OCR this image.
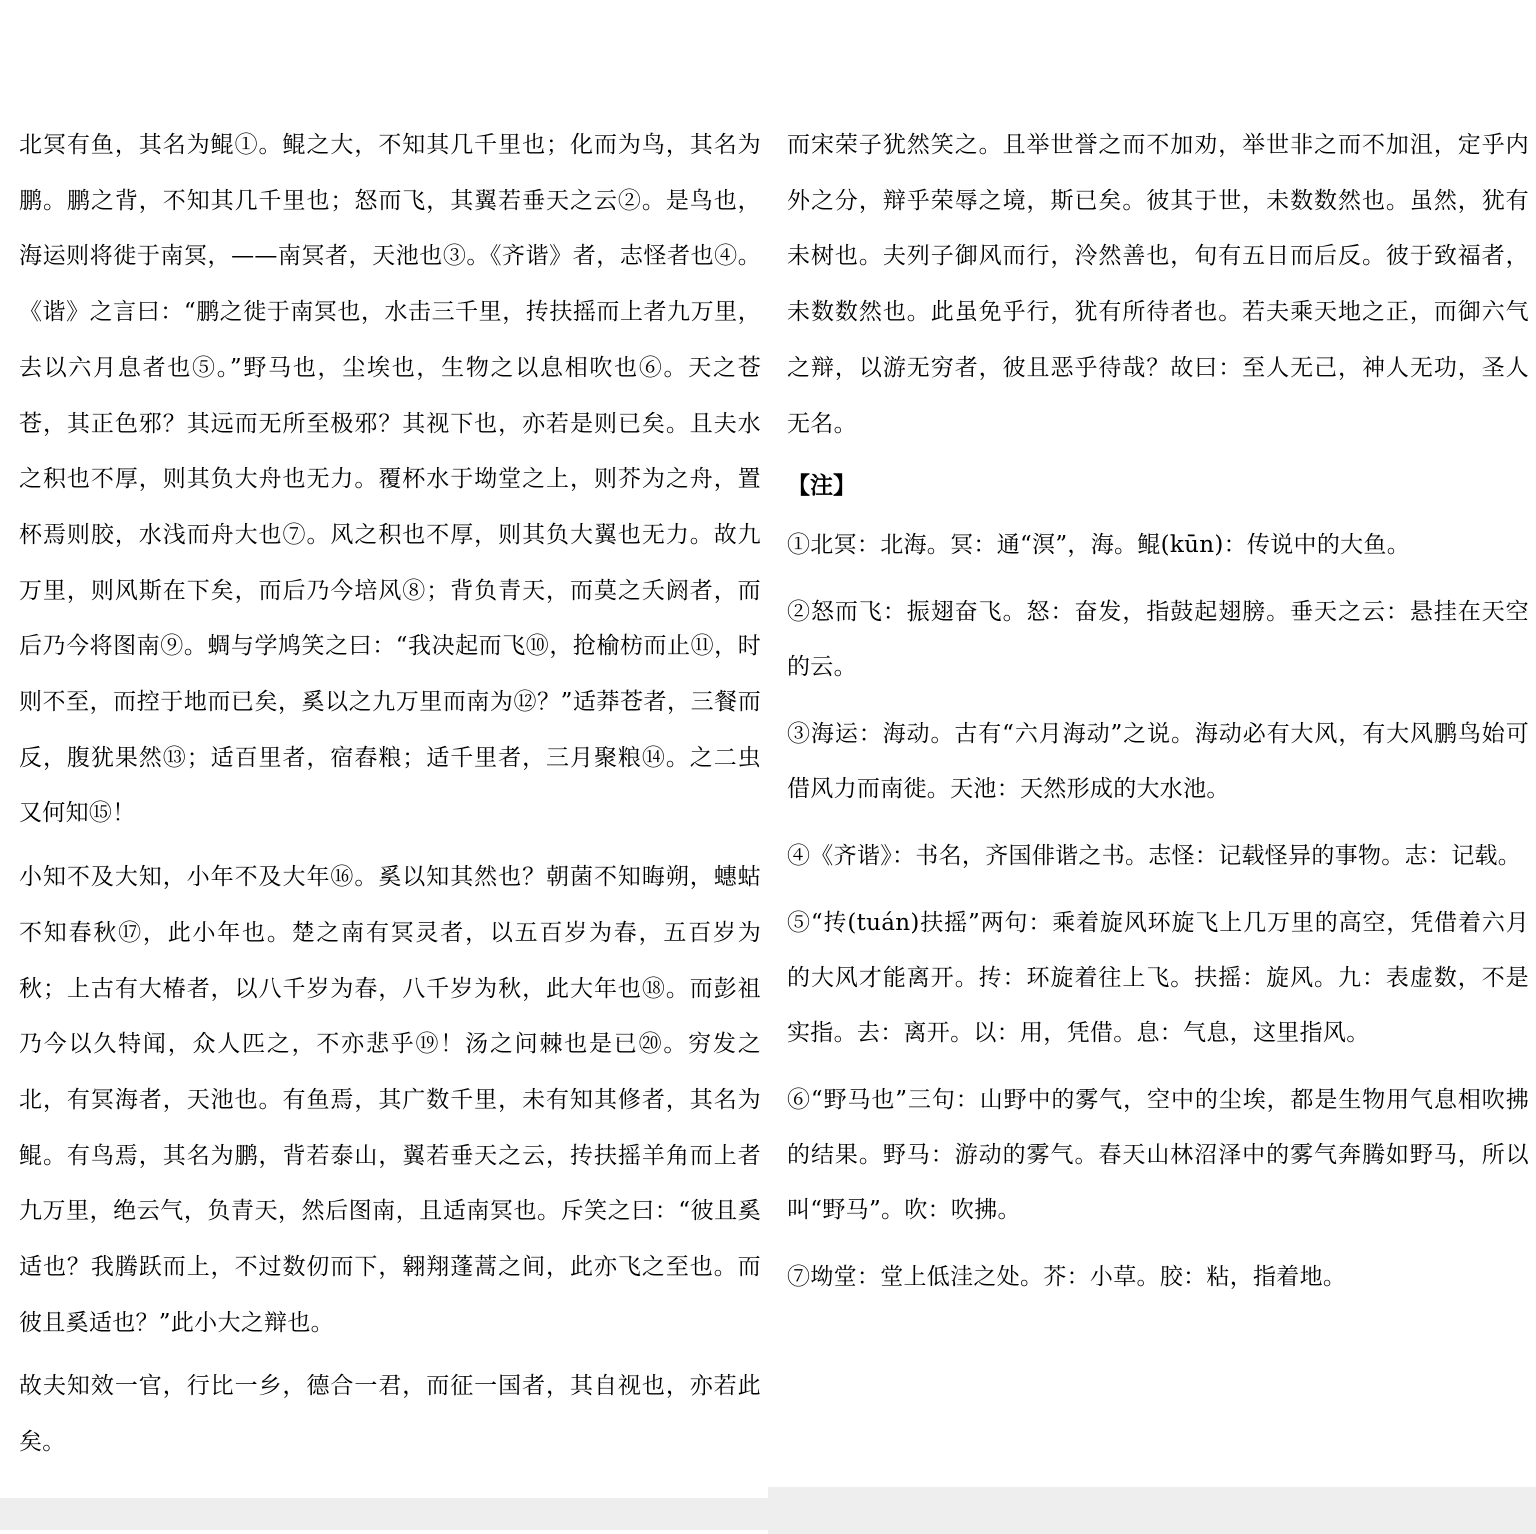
北冥有鱼，其名为鲲①。鲲之大，不知其几千里也；化而为鸟，其名为鹏。鹏之背，不知其几千里也；怒而飞，其翼若垂天之云②。是鸟也，海运则将徙于南冥，——南冥者，天池也③。《齐谐》者，志怪者也④。《谐》之言曰：“鹏之徙于南冥也，水击三千里，抟扶摇而上者九万里，去以六月息者也⑤。”野马也，尘埃也，生物之以息相吹也⑥。天之苍苍，其正色邪？其远而无所至极邪？其视下也，亦若是则已矣。且夫水之积也不厚，则其负大舟也无力。覆杯水于坳堂之上，则芥为之舟，置杯焉则胶，水浅而舟大也⑦。风之积也不厚，则其负大翼也无力。故九万里，则风斯在下矣，而后乃今培风⑧；背负青天，而莫之夭阏者，而后乃今将图南⑨。蜩与学鸠笑之曰：“我决起而飞⑩，抢榆枋而止⑪，时则不至，而控于地而已矣，奚以之九万里而南为⑫？”适莽苍者，三餐而反，腹犹果然⑬；适百里者，宿舂粮；适千里者，三月聚粮⑭。之二虫又何知⑮！

小知不及大知，小年不及大年⑯。奚以知其然也？朝菌不知晦朔，蟪蛄不知春秋⑰，此小年也。楚之南有冥灵者，以五百岁为春，五百岁为秋；上古有大椿者，以八千岁为春，八千岁为秋，此大年也⑱。而彭祖乃今以久特闻，众人匹之，不亦悲乎⑲！汤之问棘也是已⑳。穷发之北，有冥海者，天池也。有鱼焉，其广数千里，未有知其修者，其名为鲲。有鸟焉，其名为鹏，背若泰山，翼若垂天之云，抟扶摇羊角而上者九万里，绝云气，负青天，然后图南，且适南冥也。斥笑之曰：“彼且奚适也？我腾跃而上，不过数仞而下，翱翔蓬蒿之间，此亦飞之至也。而彼且奚适也？”此小大之辩也。

故夫知效一官，行比一乡，德合一君，而征一国者，其自视也，亦若此矣。

而宋荣子犹然笑之。且举世誉之而不加劝，举世非之而不加沮，定乎内外之分，辩乎荣辱之境，斯已矣。彼其于世，未数数然也。虽然，犹有未树也。夫列子御风而行，泠然善也，旬有五日而后反。彼于致福者，未数数然也。此虽免乎行，犹有所待者也。若夫乘天地之正，而御六气之辩，以游无穷者，彼且恶乎待哉？故曰：至人无己，神人无功，圣人无名。

【注】

①北冥：北海。冥：通“溟”，海。鲲(kūn)：传说中的大鱼。

②怒而飞：振翅奋飞。怒：奋发，指鼓起翅膀。垂天之云：悬挂在天空的云。

③海运：海动。古有“六月海动”之说。海动必有大风，有大风鹏鸟始可借风力而南徙。天池：天然形成的大水池。

④《齐谐》：书名，齐国俳谐之书。志怪：记载怪异的事物。志：记载。

⑤“抟(tuán)扶摇”两句：乘着旋风环旋飞上几万里的高空，凭借着六月的大风才能离开。抟：环旋着往上飞。扶摇：旋风。九：表虚数，不是实指。去：离开。以：用，凭借。息：气息，这里指风。

⑥“野马也”三句：山野中的雾气，空中的尘埃，都是生物用气息相吹拂的结果。野马：游动的雾气。春天山林沼泽中的雾气奔腾如野马，所以叫“野马”。吹：吹拂。

⑦坳堂：堂上低洼之处。芥：小草。胶：粘，指着地。
